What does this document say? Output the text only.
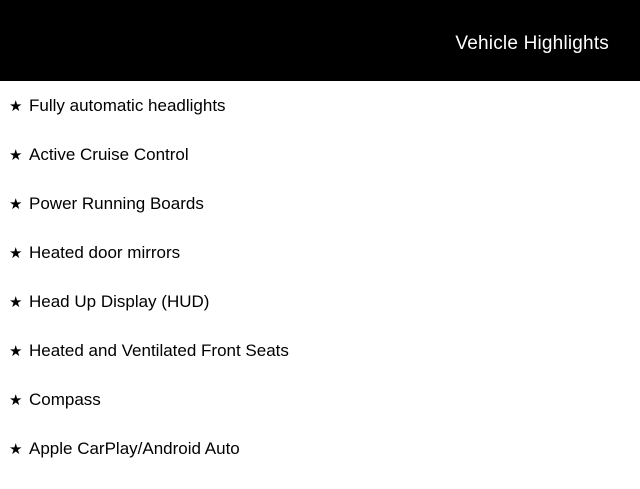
Vehicle Highlights
★ Fully automatic headlights
★ Active Cruise Control
★ Power Running Boards
★ Heated door mirrors
★ Head Up Display (HUD)
★ Heated and Ventilated Front Seats
★ Compass
★ Apple CarPlay/Android Auto
